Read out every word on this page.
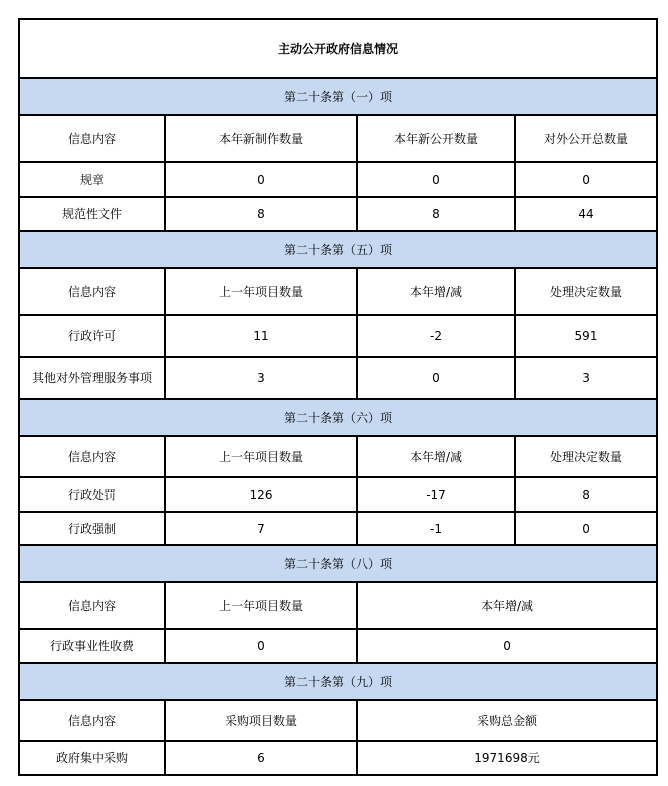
主动公开政府信息情况			
第二十条第（一）项			
信息内容	本年新制作数量	本年新公开数量	对外公开总数量
规章	0	0	0
规范性文件	8	8	44
第二十条第（五）项			
信息内容	上一年项目数量	本年增/减	处理决定数量
行政许可	11	-2	591
其他对外管理服务事项	3	0	3
第二十条第（六）项			
信息内容	上一年项目数量	本年增/减	处理决定数量
行政处罚	126	-17	8
行政强制	7	-1	0
第二十条第（八）项			
信息内容	上一年项目数量	本年增/减	
行政事业性收费	0	0	
第二十条第（九）项			
信息内容	采购项目数量	采购总金额	
政府集中采购	6	1971698元	
